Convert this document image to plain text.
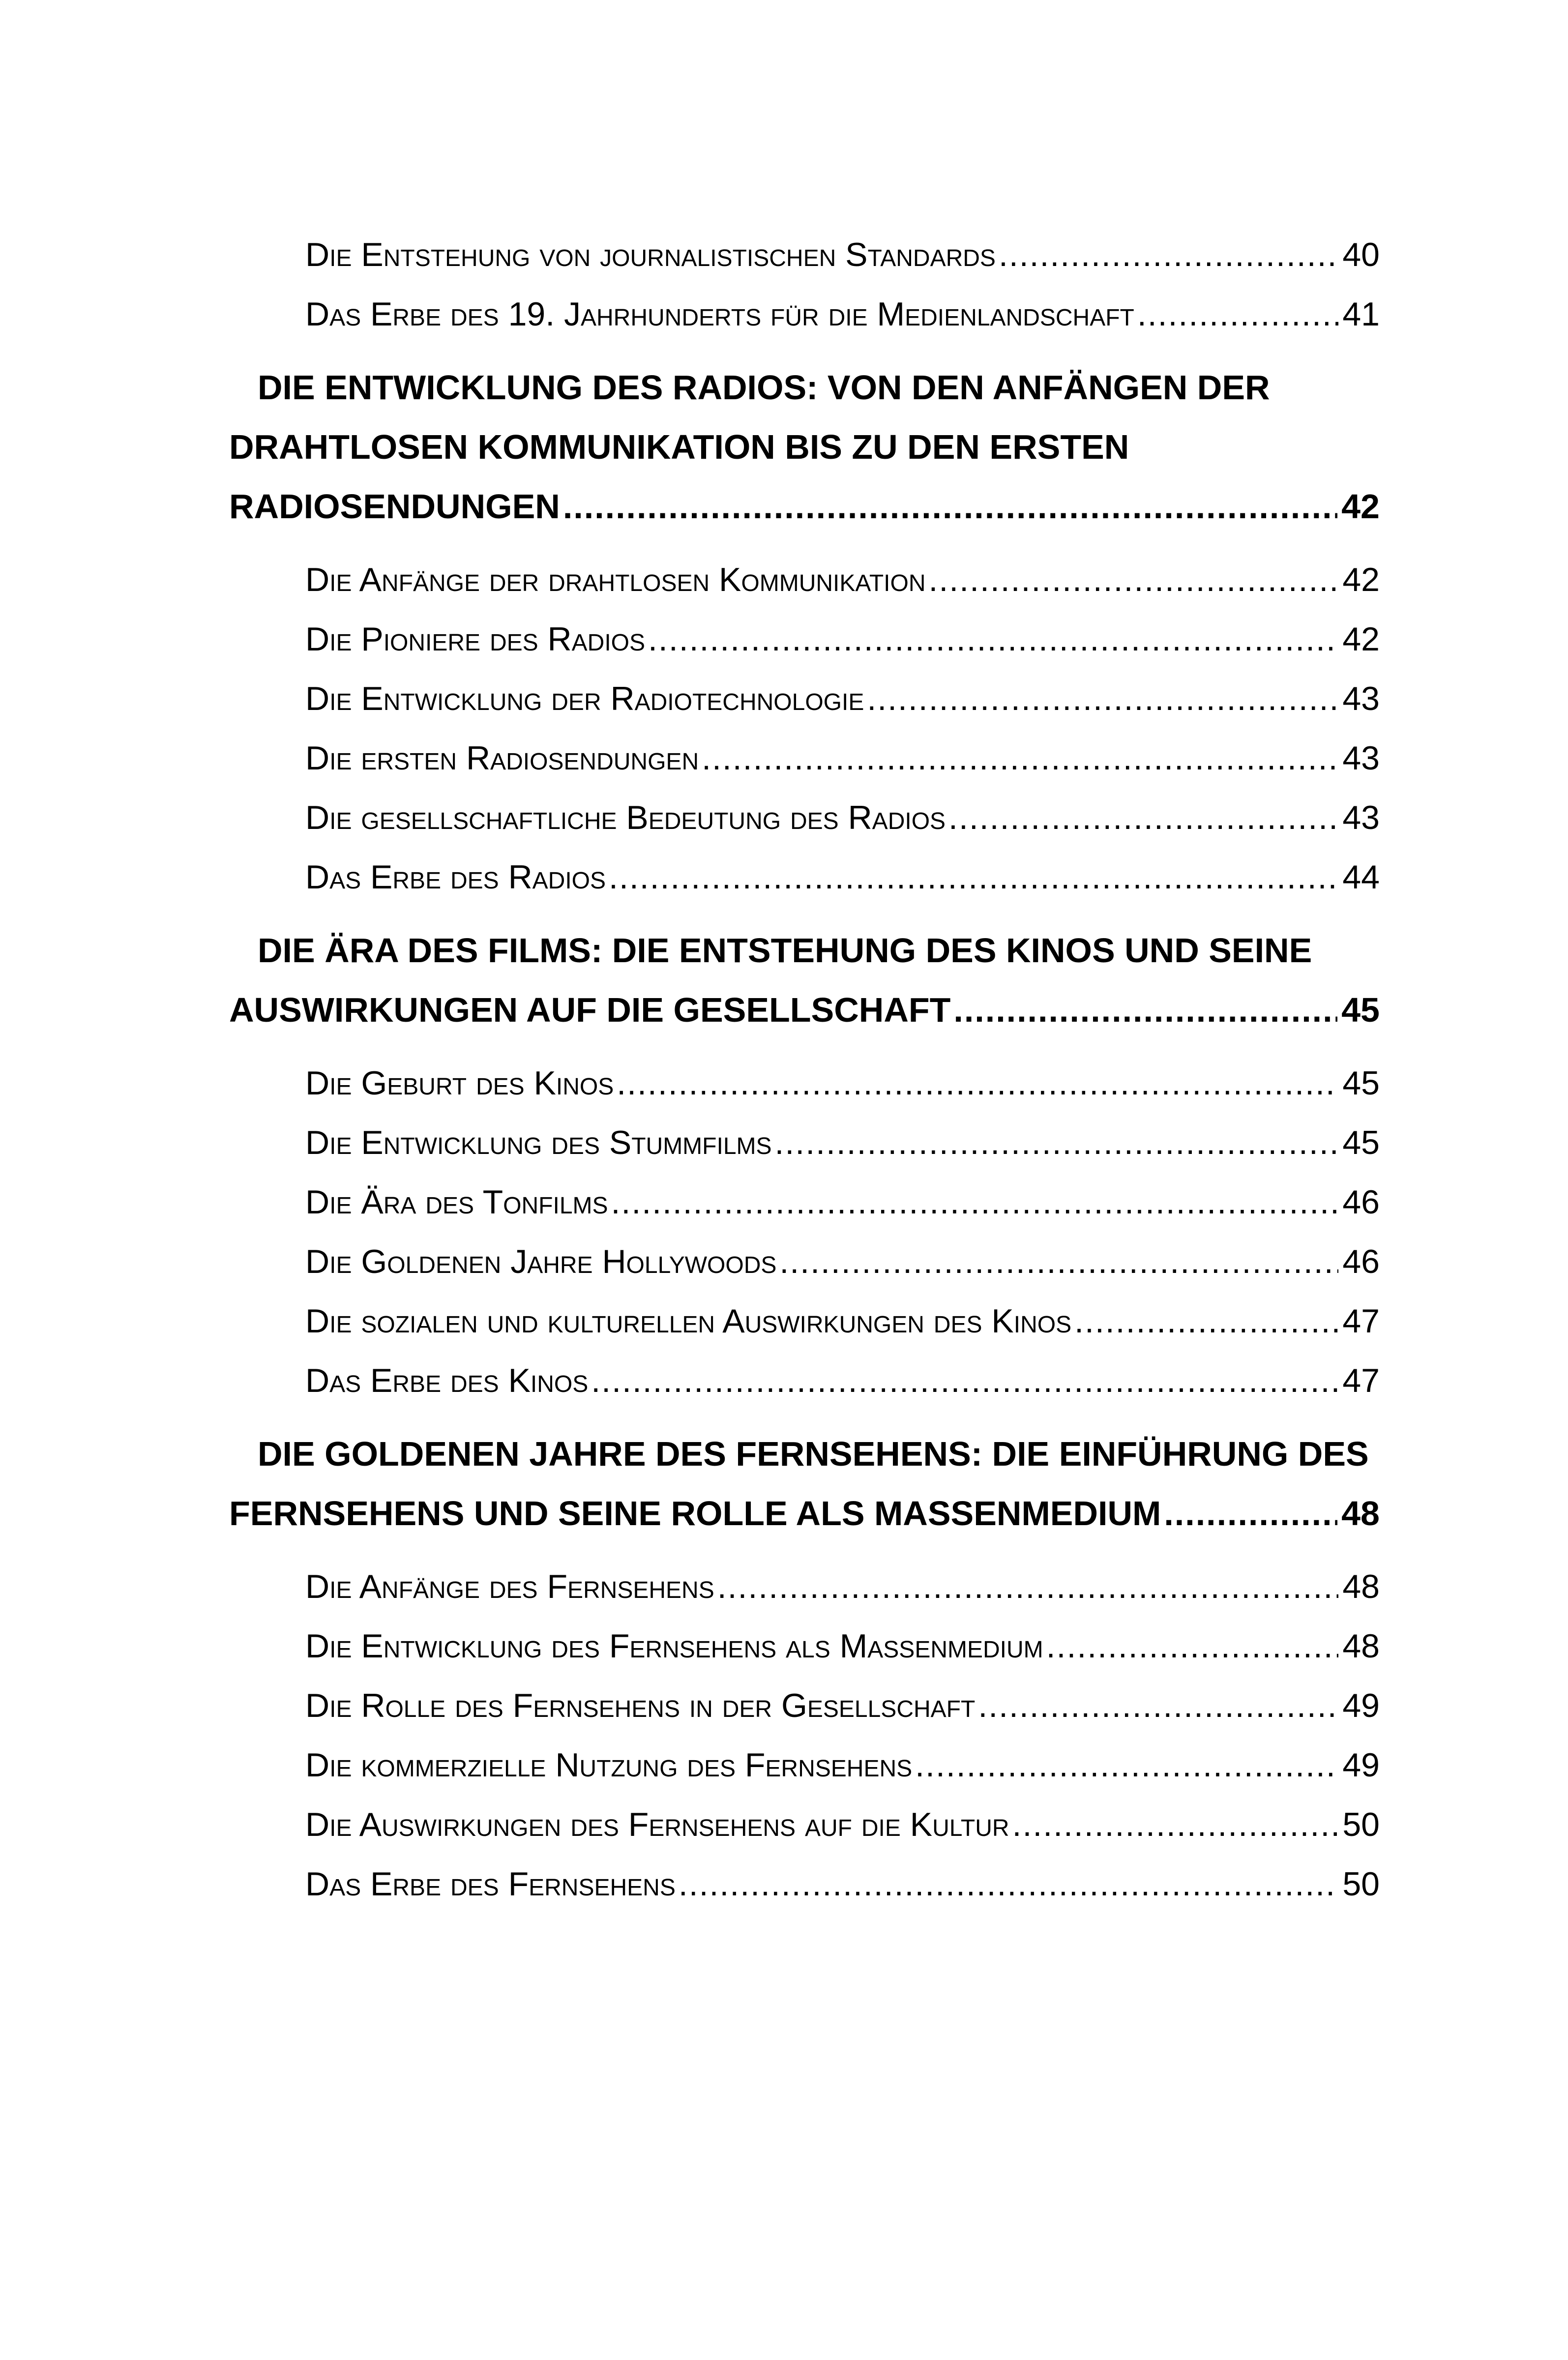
Die Entstehung von journalistischen Standards .....	40
Das Erbe des 19. Jahrhunderts für die Medienlandschaft .....	41
DIE ENTWICKLUNG DES RADIOS: VON DEN ANFÄNGEN DER
DRAHTLOSEN KOMMUNIKATION BIS ZU DEN ERSTEN
RADIOSENDUNGEN .....	42
Die Anfänge der drahtlosen Kommunikation .....	42
Die Pioniere des Radios .....	42
Die Entwicklung der Radiotechnologie .....	43
Die ersten Radiosendungen .....	43
Die gesellschaftliche Bedeutung des Radios .....	43
Das Erbe des Radios .....	44
DIE ÄRA DES FILMS: DIE ENTSTEHUNG DES KINOS UND SEINE
AUSWIRKUNGEN AUF DIE GESELLSCHAFT .....	45
Die Geburt des Kinos .....	45
Die Entwicklung des Stummfilms .....	45
Die Ära des Tonfilms .....	46
Die Goldenen Jahre Hollywoods .....	46
Die sozialen und kulturellen Auswirkungen des Kinos .....	47
Das Erbe des Kinos .....	47
DIE GOLDENEN JAHRE DES FERNSEHENS: DIE EINFÜHRUNG DES
FERNSEHENS UND SEINE ROLLE ALS MASSENMEDIUM .....	48
Die Anfänge des Fernsehens .....	48
Die Entwicklung des Fernsehens als Massenmedium .....	48
Die Rolle des Fernsehens in der Gesellschaft .....	49
Die kommerzielle Nutzung des Fernsehens .....	49
Die Auswirkungen des Fernsehens auf die Kultur .....	50
Das Erbe des Fernsehens .....	50
